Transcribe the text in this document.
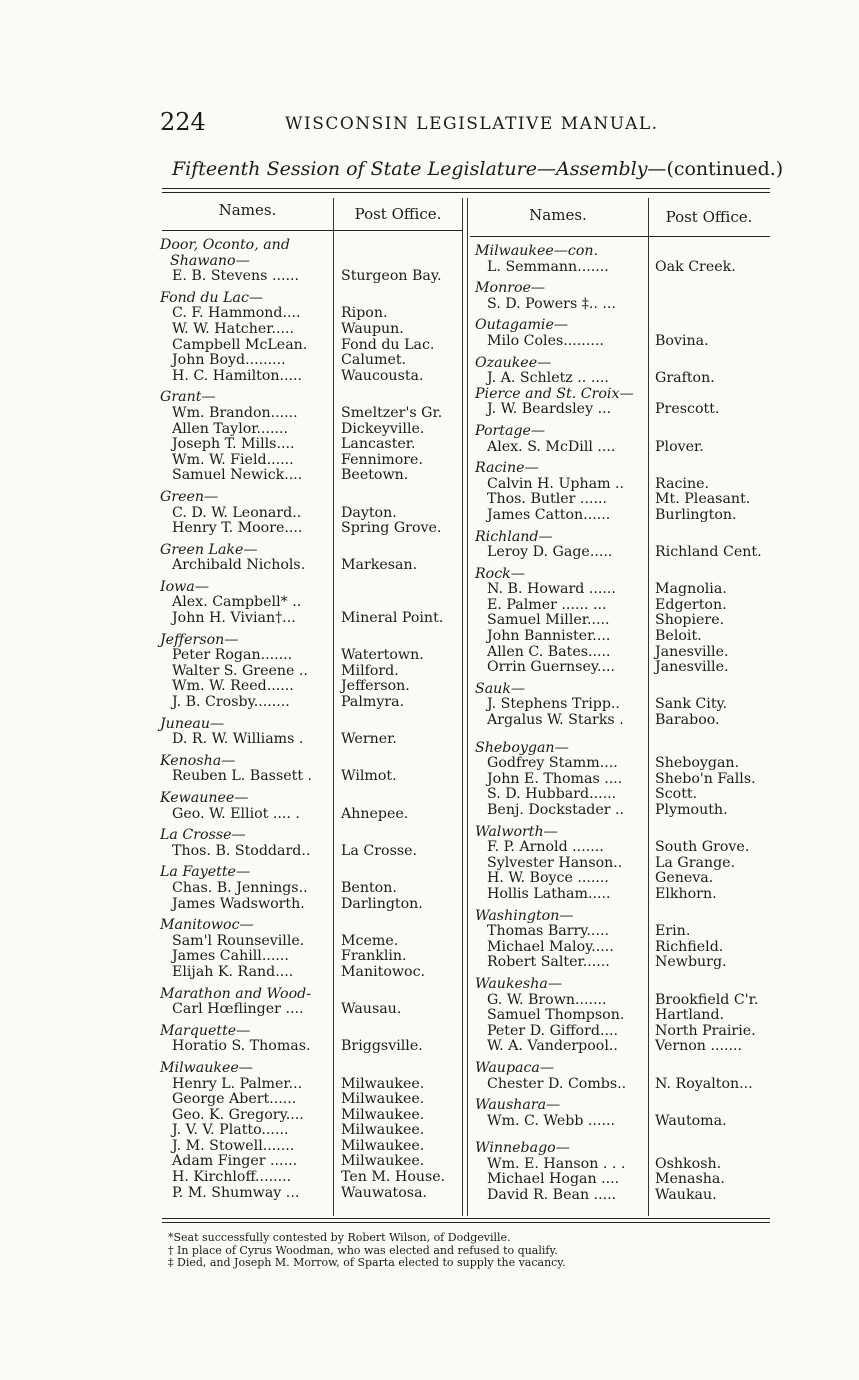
224	WISCONSIN LEGISLATIVE MANUAL.
Fifteenth Session of State Legislature—Assembly—(continued.)
Names.	Post Office.	Names.	Post Office.
Door, Oconto, and
Shawano—
E. B. Stevens ......	Sturgeon Bay.
Fond du Lac—
C. F. Hammond....	Ripon.
W. W. Hatcher.....	Waupun.
Campbell McLean. Fond du Lac.
John Boyd.........	Calumet.
H. C. Hamilton.....	Waucousta.
Grant—
Wm. Brandon......	Smeltzer's Gr.
Allen Taylor.......	Dickeyville.
Joseph T. Mills....	Lancaster.
Wm. W. Field......	Fennimore.
Samuel Newick....	Beetown.
Green—
C. D. W. Leonard..	Dayton.
Henry T. Moore....	Spring Grove.
Green Lake—
Archibald Nichols.	Markesan.
Iowa—
Alex. Campbell* ..
John H. Vivian†...	Mineral Point.
Jefferson—
Peter Rogan.......	Watertown.
Walter S. Greene .. Milford.
Wm. W. Reed......	Jefferson.
J. B. Crosby........	Palmyra.
Juneau—
D. R. W. Williams .	Werner.
Kenosha—
Reuben L. Bassett . Wilmot.
Kewaunee—
Geo. W. Elliot .... .	Ahnepee.
La Crosse—
Thos. B. Stoddard.. La Crosse.
La Fayette—
Chas. B. Jennings.. Benton.
James Wadsworth.	Darlington.
Manitowoc—
Sam'l Rounseville.	Mceme.
James Cahill......	Franklin.
Elijah K. Rand....	Manitowoc.
Marathon and Wood-
Carl Hœflinger ....	Wausau.
Marquette—
Horatio S. Thomas. Briggsville.
Milwaukee—
Henry L. Palmer...	Milwaukee.
George Abert......	Milwaukee.
Geo. K. Gregory....	Milwaukee.
J. V. V. Platto......	Milwaukee.
J. M. Stowell.......	Milwaukee.
Adam Finger ......	Milwaukee.
H. Kirchloff........	Ten M. House.
P. M. Shumway ...	Wauwatosa.
Milwaukee—con.
L. Semmann.......	Oak Creek.
Monroe—
S. D. Powers ‡.. ...
Outagamie—
Milo Coles.........	Bovina.
Ozaukee—
J. A. Schletz .. ....	Grafton.
Pierce and St. Croix—
J. W. Beardsley ...	Prescott.
Portage—
Alex. S. McDill ....	Plover.
Racine—
Calvin H. Upham .. Racine.
Thos. Butler ......	Mt. Pleasant.
James Catton......	Burlington.
Richland—
Leroy D. Gage.....	Richland Cent.
Rock—
N. B. Howard ......	Magnolia.
E. Palmer ...... ...	Edgerton.
Samuel Miller.....	Shopiere.
John Bannister....	Beloit.
Allen C. Bates.....	Janesville.
Orrin Guernsey....	Janesville.
Sauk—
J. Stephens Tripp.. Sank City.
Argalus W. Starks . Baraboo.
Sheboygan—
Godfrey Stamm....	Sheboygan.
John E. Thomas .... Shebo'n Falls.
S. D. Hubbard......	Scott.
Benj. Dockstader .. Plymouth.
Walworth—
F. P. Arnold .......	South Grove.
Sylvester Hanson.. La Grange.
H. W. Boyce .......	Geneva.
Hollis Latham.....	Elkhorn.
Washington—
Thomas Barry.....	Erin.
Michael Maloy.....	Richfield.
Robert Salter......	Newburg.
Waukesha—
G. W. Brown.......	Brookfield C'r.
Samuel Thompson. Hartland.
Peter D. Gifford....	North Prairie.
W. A. Vanderpool..	Vernon .......
Waupaca—
Chester D. Combs.. N. Royalton...
Waushara—
Wm. C. Webb ......	Wautoma.
Winnebago—
Wm. E. Hanson . . . Oshkosh.
Michael Hogan ....	Menasha.
David R. Bean .....	Waukau.
*Seat successfully contested by Robert Wilson, of Dodgeville.
† In place of Cyrus Woodman, who was elected and refused to qualify.
‡ Died, and Joseph M. Morrow, of Sparta elected to supply the vacancy.
